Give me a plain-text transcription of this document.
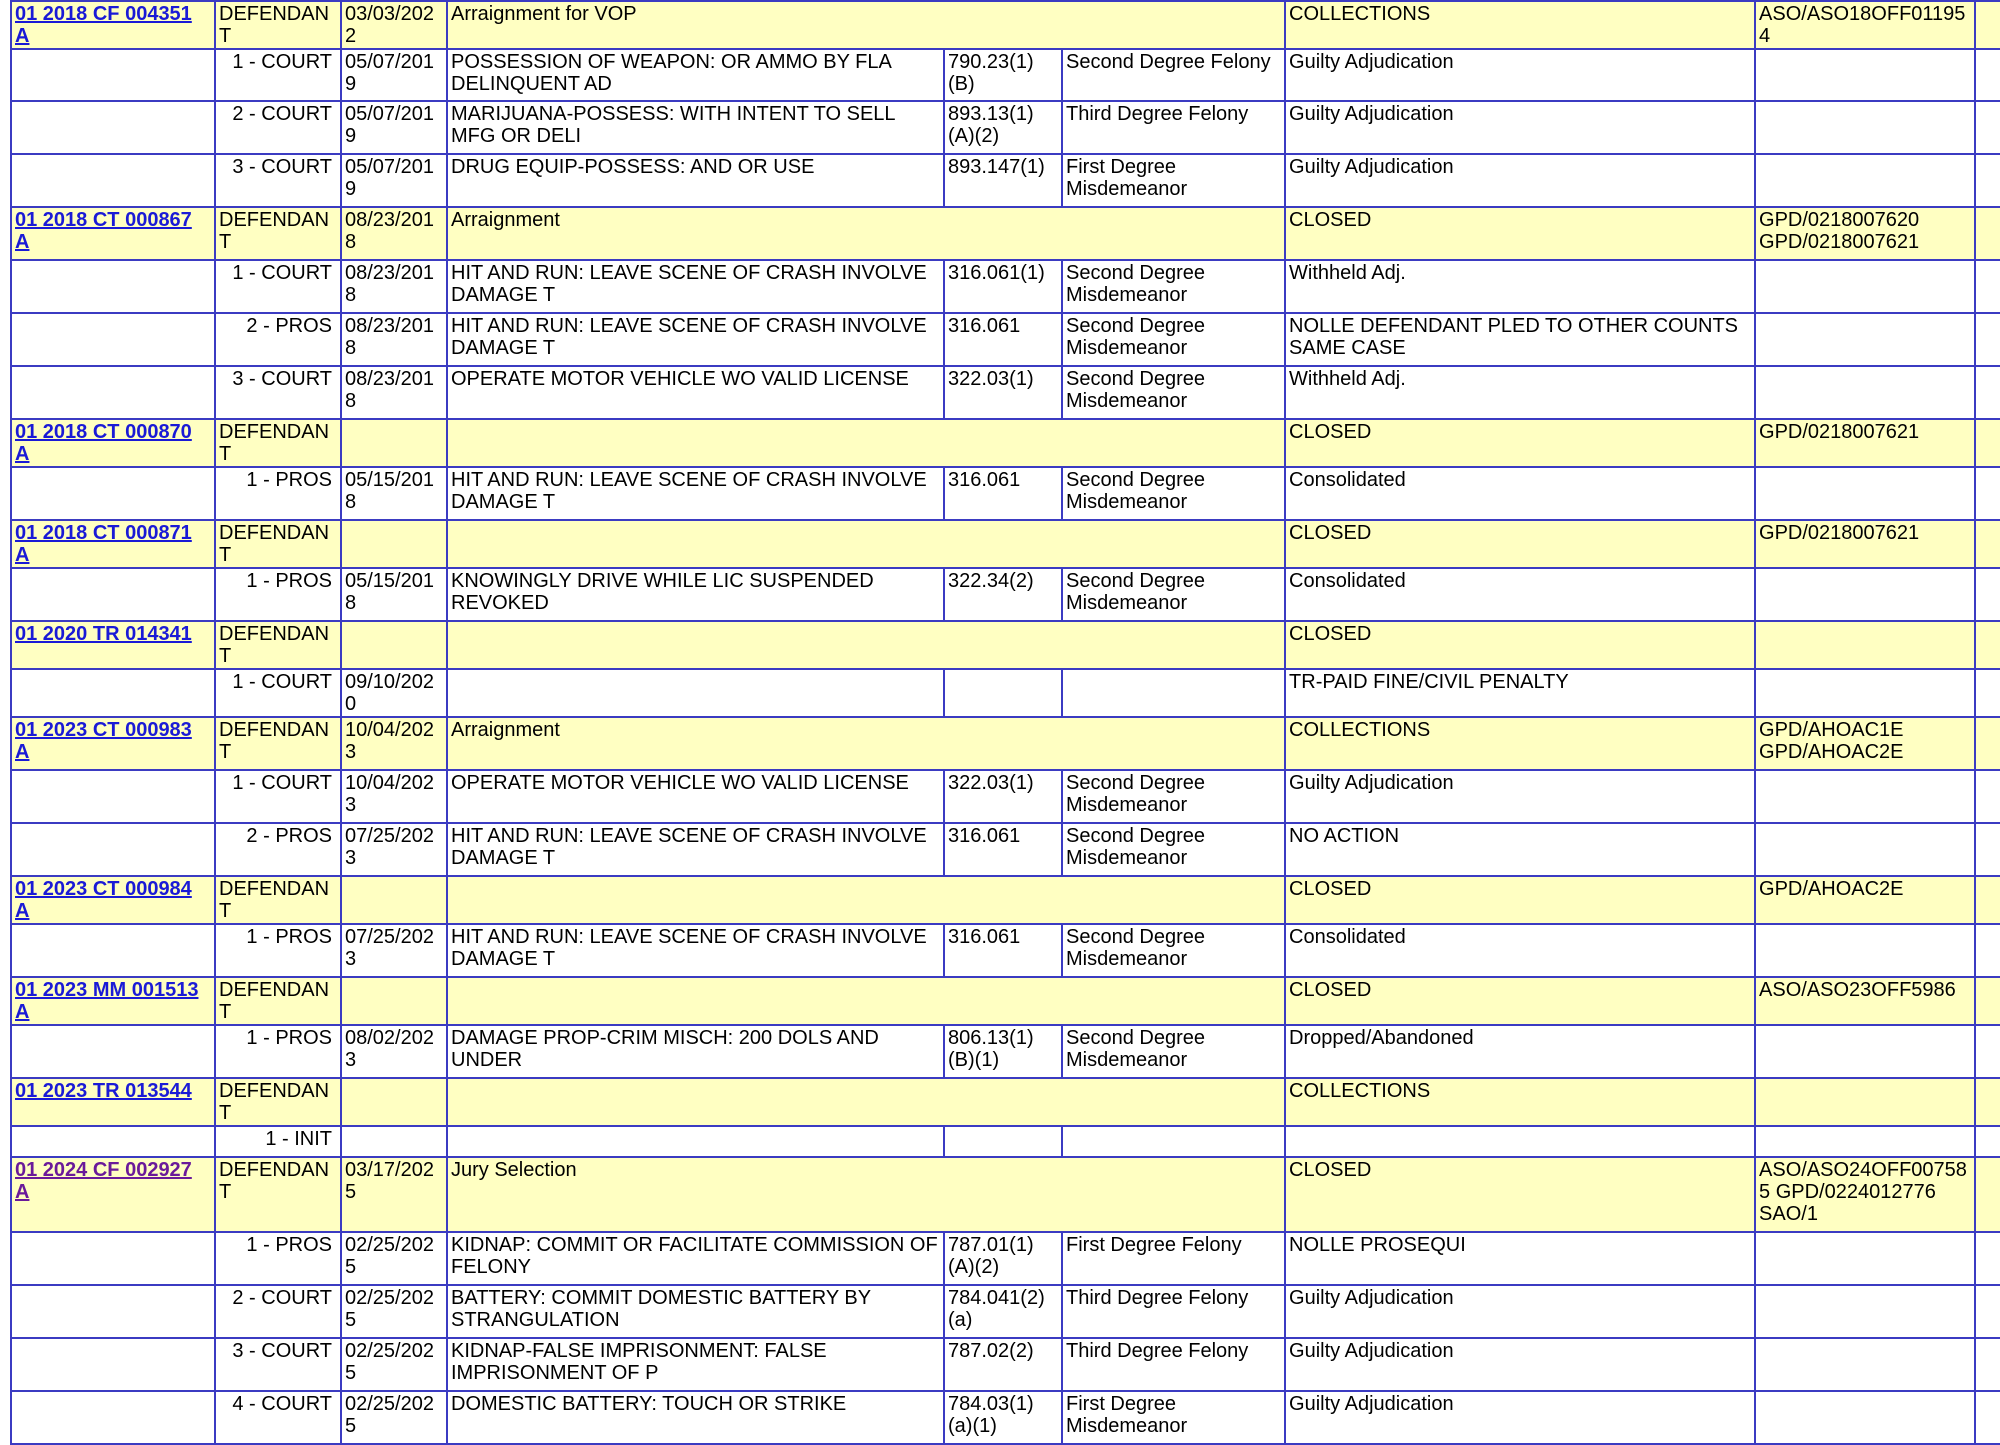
01 2018 CF 004351 A	DEFENDANT	03/03/2022	Arraignment for VOP			COLLECTIONS	ASO/ASO18OFF011954	
	1 - COURT	05/07/2019	POSSESSION OF WEAPON: OR AMMO BY FLA DELINQUENT AD	790.23(1)(B)	Second Degree Felony	Guilty Adjudication		
	2 - COURT	05/07/2019	MARIJUANA-POSSESS: WITH INTENT TO SELL MFG OR DELI	893.13(1)(A)(2)	Third Degree Felony	Guilty Adjudication		
	3 - COURT	05/07/2019	DRUG EQUIP-POSSESS: AND OR USE	893.147(1)	First Degree Misdemeanor	Guilty Adjudication		
01 2018 CT 000867 A	DEFENDANT	08/23/2018	Arraignment			CLOSED	GPD/0218007620 GPD/0218007621	
	1 - COURT	08/23/2018	HIT AND RUN: LEAVE SCENE OF CRASH INVOLVE DAMAGE T	316.061(1)	Second Degree Misdemeanor	Withheld Adj.		
	2 - PROS	08/23/2018	HIT AND RUN: LEAVE SCENE OF CRASH INVOLVE DAMAGE T	316.061	Second Degree Misdemeanor	NOLLE DEFENDANT PLED TO OTHER COUNTS SAME CASE		
	3 - COURT	08/23/2018	OPERATE MOTOR VEHICLE WO VALID LICENSE	322.03(1)	Second Degree Misdemeanor	Withheld Adj.		
01 2018 CT 000870 A	DEFENDANT					CLOSED	GPD/0218007621	
	1 - PROS	05/15/2018	HIT AND RUN: LEAVE SCENE OF CRASH INVOLVE DAMAGE T	316.061	Second Degree Misdemeanor	Consolidated		
01 2018 CT 000871 A	DEFENDANT					CLOSED	GPD/0218007621	
	1 - PROS	05/15/2018	KNOWINGLY DRIVE WHILE LIC SUSPENDED REVOKED	322.34(2)	Second Degree Misdemeanor	Consolidated		
01 2020 TR 014341	DEFENDANT					CLOSED		
	1 - COURT	09/10/2020				TR-PAID FINE/CIVIL PENALTY		
01 2023 CT 000983 A	DEFENDANT	10/04/2023	Arraignment			COLLECTIONS	GPD/AHOAC1E GPD/AHOAC2E	
	1 - COURT	10/04/2023	OPERATE MOTOR VEHICLE WO VALID LICENSE	322.03(1)	Second Degree Misdemeanor	Guilty Adjudication		
	2 - PROS	07/25/2023	HIT AND RUN: LEAVE SCENE OF CRASH INVOLVE DAMAGE T	316.061	Second Degree Misdemeanor	NO ACTION		
01 2023 CT 000984 A	DEFENDANT					CLOSED	GPD/AHOAC2E	
	1 - PROS	07/25/2023	HIT AND RUN: LEAVE SCENE OF CRASH INVOLVE DAMAGE T	316.061	Second Degree Misdemeanor	Consolidated		
01 2023 MM 001513 A	DEFENDANT					CLOSED	ASO/ASO23OFF5986	
	1 - PROS	08/02/2023	DAMAGE PROP-CRIM MISCH: 200 DOLS AND UNDER	806.13(1)(B)(1)	Second Degree Misdemeanor	Dropped/Abandoned		
01 2023 TR 013544	DEFENDANT					COLLECTIONS		
	1 - INIT							
01 2024 CF 002927 A	DEFENDANT	03/17/2025	Jury Selection			CLOSED	ASO/ASO24OFF007585 GPD/0224012776 SAO/1	
	1 - PROS	02/25/2025	KIDNAP: COMMIT OR FACILITATE COMMISSION OF FELONY	787.01(1)(A)(2)	First Degree Felony	NOLLE PROSEQUI		
	2 - COURT	02/25/2025	BATTERY: COMMIT DOMESTIC BATTERY BY STRANGULATION	784.041(2)(a)	Third Degree Felony	Guilty Adjudication		
	3 - COURT	02/25/2025	KIDNAP-FALSE IMPRISONMENT: FALSE IMPRISONMENT OF P	787.02(2)	Third Degree Felony	Guilty Adjudication		
	4 - COURT	02/25/2025	DOMESTIC BATTERY: TOUCH OR STRIKE	784.03(1)(a)(1)	First Degree Misdemeanor	Guilty Adjudication		
